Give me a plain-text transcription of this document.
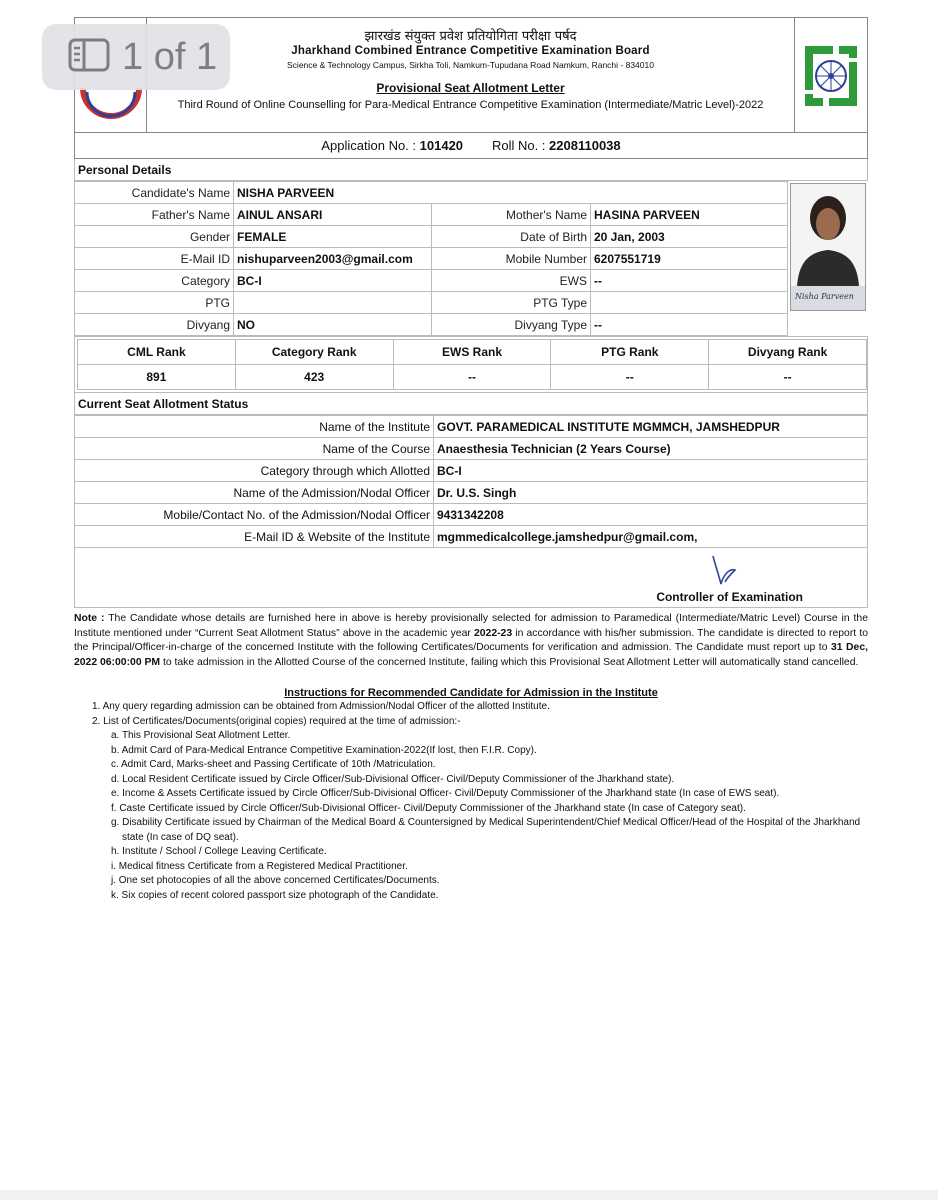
1 of 1	झारखंड संयुक्त प्रवेश प्रतियोगिता परीक्षा पर्षद
Jharkhand Combined Entrance Competitive Examination Board
Science & Technology Campus, Sirkha Toli, Namkum-Tupudana Road Namkum, Ranchi - 834010
Provisional Seat Allotment Letter
Third Round of Online Counselling for Para-Medical Entrance Competitive Examination (Intermediate/Matric Level)-2022
Application No. : 101420 Roll No. : 2208110038
Personal Details
Candidate's Name	NISHA PARVEEN		
Father's Name	AINUL ANSARI	Mother's Name	HASINA PARVEEN
Gender	FEMALE	Date of Birth	20 Jan, 2003
E-Mail ID	nishuparveen2003@gmail.com	Mobile Number	6207551719
Category	BC-I	EWS	--
PTG		PTG Type	
Divyang	NO	Divyang Type	--
Nisha Parveen
CML Rank	Category Rank	EWS Rank	PTG Rank	Divyang Rank
891	423	--	--	--
Current Seat Allotment Status
Name of the Institute	GOVT. PARAMEDICAL INSTITUTE MGMMCH, JAMSHEDPUR
Name of the Course	Anaesthesia Technician (2 Years Course)
Category through which Allotted	BC-I
Name of the Admission/Nodal Officer	Dr. U.S. Singh
Mobile/Contact No. of the Admission/Nodal Officer	9431342208
E-Mail ID & Website of the Institute	mgmmedicalcollege.jamshedpur@gmail.com,
Controller of Examination
Note : The Candidate whose details are furnished here in above is hereby provisionally selected for admission to Paramedical (Intermediate/Matric Level) Course in the Institute mentioned under “Current Seat Allotment Status” above in the academic year 2022-23 in accordance with his/her submission. The candidate is directed to report to the Principal/Officer-in-charge of the concerned Institute with the following Certificates/Documents for verification and admission. The Candidate must report up to 31 Dec, 2022 06:00:00 PM to take admission in the Allotted Course of the concerned Institute, failing which this Provisional Seat Allotment Letter will automatically stand cancelled.
Instructions for Recommended Candidate for Admission in the Institute
1. Any query regarding admission can be obtained from Admission/Nodal Officer of the allotted Institute.
2. List of Certificates/Documents(original copies) required at the time of admission:-
a. This Provisional Seat Allotment Letter.
b. Admit Card of Para-Medical Entrance Competitive Examination-2022(If lost, then F.I.R. Copy).
c. Admit Card, Marks-sheet and Passing Certificate of 10th /Matriculation.
d. Local Resident Certificate issued by Circle Officer/Sub-Divisional Officer- Civil/Deputy Commissioner of the Jharkhand state).
e. Income & Assets Certificate issued by Circle Officer/Sub-Divisional Officer- Civil/Deputy Commissioner of the Jharkhand state (In case of EWS seat).
f. Caste Certificate issued by Circle Officer/Sub-Divisional Officer- Civil/Deputy Commissioner of the Jharkhand state (In case of Category seat).
g. Disability Certificate issued by Chairman of the Medical Board & Countersigned by Medical Superintendent/Chief Medical Officer/Head of the Hospital of the Jharkhand state (In case of DQ seat).
h. Institute / School / College Leaving Certificate.
i. Medical fitness Certificate from a Registered Medical Practitioner.
j. One set photocopies of all the above concerned Certificates/Documents.
k. Six copies of recent colored passport size photograph of the Candidate.
